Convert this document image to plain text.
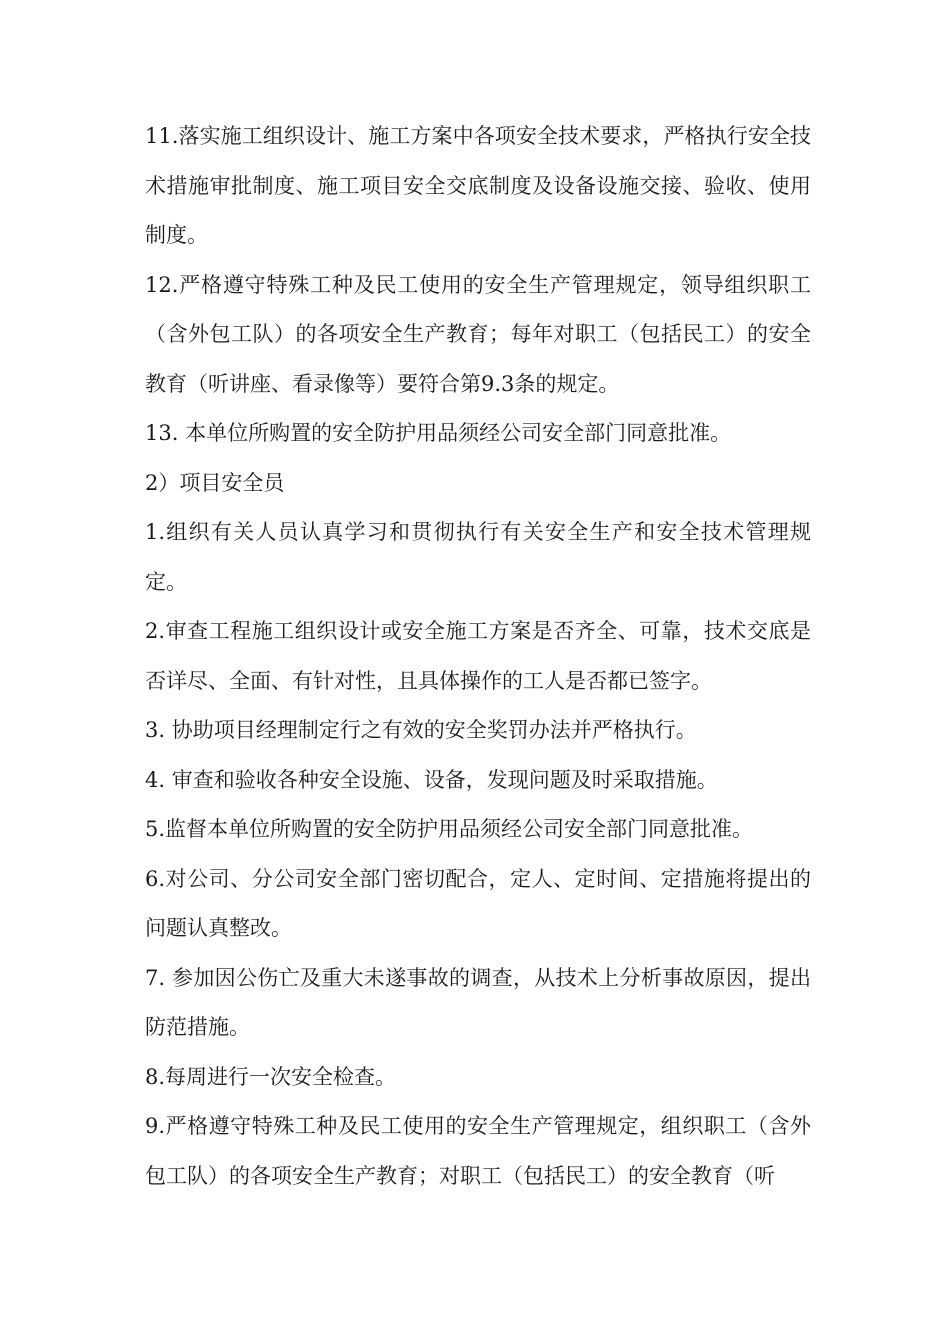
11.落实施工组织设计、施工方案中各项安全技术要求，严格执行安全技术措施审批制度、施工项目安全交底制度及设备设施交接、验收、使用制度。

12.严格遵守特殊工种及民工使用的安全生产管理规定，领导组织职工（含外包工队）的各项安全生产教育；每年对职工（包括民工）的安全教育（听讲座、看录像等）要符合第9.3条的规定。

13. 本单位所购置的安全防护用品须经公司安全部门同意批准。

2）项目安全员

1.组织有关人员认真学习和贯彻执行有关安全生产和安全技术管理规定。

2.审查工程施工组织设计或安全施工方案是否齐全、可靠，技术交底是否详尽、全面、有针对性，且具体操作的工人是否都已签字。

3. 协助项目经理制定行之有效的安全奖罚办法并严格执行。

4. 审查和验收各种安全设施、设备，发现问题及时采取措施。

5.监督本单位所购置的安全防护用品须经公司安全部门同意批准。

6.对公司、分公司安全部门密切配合，定人、定时间、定措施将提出的问题认真整改。

7. 参加因公伤亡及重大未遂事故的调查，从技术上分析事故原因，提出防范措施。

8.每周进行一次安全检查。

9.严格遵守特殊工种及民工使用的安全生产管理规定，组织职工（含外包工队）的各项安全生产教育；对职工（包括民工）的安全教育（听
